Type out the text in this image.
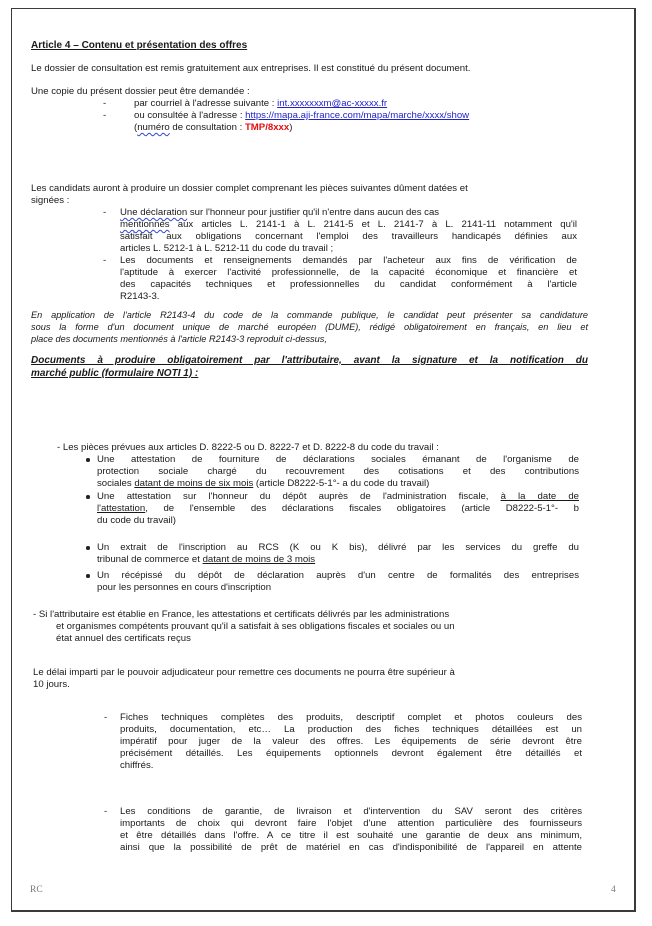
Article 4 – Contenu et présentation des offres
Le dossier de consultation est remis gratuitement aux entreprises. Il est constitué du présent document.
Une copie du présent dossier peut être demandée :
-	par courriel à l'adresse suivante : int.xxxxxxxm@ac-xxxxx.fr
-	ou consultée à l'adresse : https://mapa.aji-france.com/mapa/marche/xxxx/show
(numéro de consultation : TMP/8xxx)
Les candidats auront à produire un dossier complet comprenant les pièces suivantes dûment datées et
signées :
- Une déclaration sur l'honneur pour justifier qu'il n'entre dans aucun des cas
mentionnés aux articles L. 2141-1 à L. 2141-5 et L. 2141-7 à L. 2141-11 notamment qu'il
satisfait aux obligations concernant l'emploi des travailleurs handicapés définies aux
articles L. 5212-1 à L. 5212-11 du code du travail ;
- Les documents et renseignements demandés par l'acheteur aux fins de vérification de
l'aptitude à exercer l'activité professionnelle, de la capacité économique et financière et
des capacités techniques et professionnelles du candidat conformément à l'article
R2143-3.
En application de l'article R2143-4 du code de la commande publique, le candidat peut présenter sa candidature
sous la forme d'un document unique de marché européen (DUME), rédigé obligatoirement en français, en lieu et
place des documents mentionnés à l'article R2143-3 reproduit ci-dessus,
Documents à produire obligatoirement par l'attributaire, avant la signature et la notification du
marché public (formulaire NOTI 1) :
- Les pièces prévues aux articles D. 8222-5 ou D. 8222-7 et D. 8222-8 du code du travail :
Une attestation de fourniture de déclarations sociales émanant de l'organisme de
protection sociale chargé du recouvrement des cotisations et des contributions
sociales datant de moins de six mois (article D8222-5-1°- a du code du travail)
Une attestation sur l'honneur du dépôt auprès de l'administration fiscale, à la date de
l'attestation, de l'ensemble des déclarations fiscales obligatoires (article D8222-5-1°- b
du code du travail)
Un extrait de l'inscription au RCS (K ou K bis), délivré par les services du greffe du
tribunal de commerce et datant de moins de 3 mois
Un récépissé du dépôt de déclaration auprès d'un centre de formalités des entreprises
pour les personnes en cours d'inscription
- Si l'attributaire est établie en France, les attestations et certificats délivrés par les administrations
et organismes compétents prouvant qu'il a satisfait à ses obligations fiscales et sociales ou un
état annuel des certificats reçus
Le délai imparti par le pouvoir adjudicateur pour remettre ces documents ne pourra être supérieur à
10 jours.
- Fiches techniques complètes des produits, descriptif complet et photos couleurs des
produits, documentation, etc… La production des fiches techniques détaillées est un
impératif pour juger de la valeur des offres. Les équipements de série devront être
précisément détaillés. Les équipements optionnels devront également être détaillés et
chiffrés.
- Les conditions de garantie, de livraison et d'intervention du SAV seront des critères
importants de choix qui devront faire l'objet d'une attention particulière des fournisseurs
et être détaillés dans l'offre. A ce titre il est souhaité une garantie de deux ans minimum,
ainsi que la possibilité de prêt de matériel en cas d'indisponibilité de l'appareil en attente
RC	4
